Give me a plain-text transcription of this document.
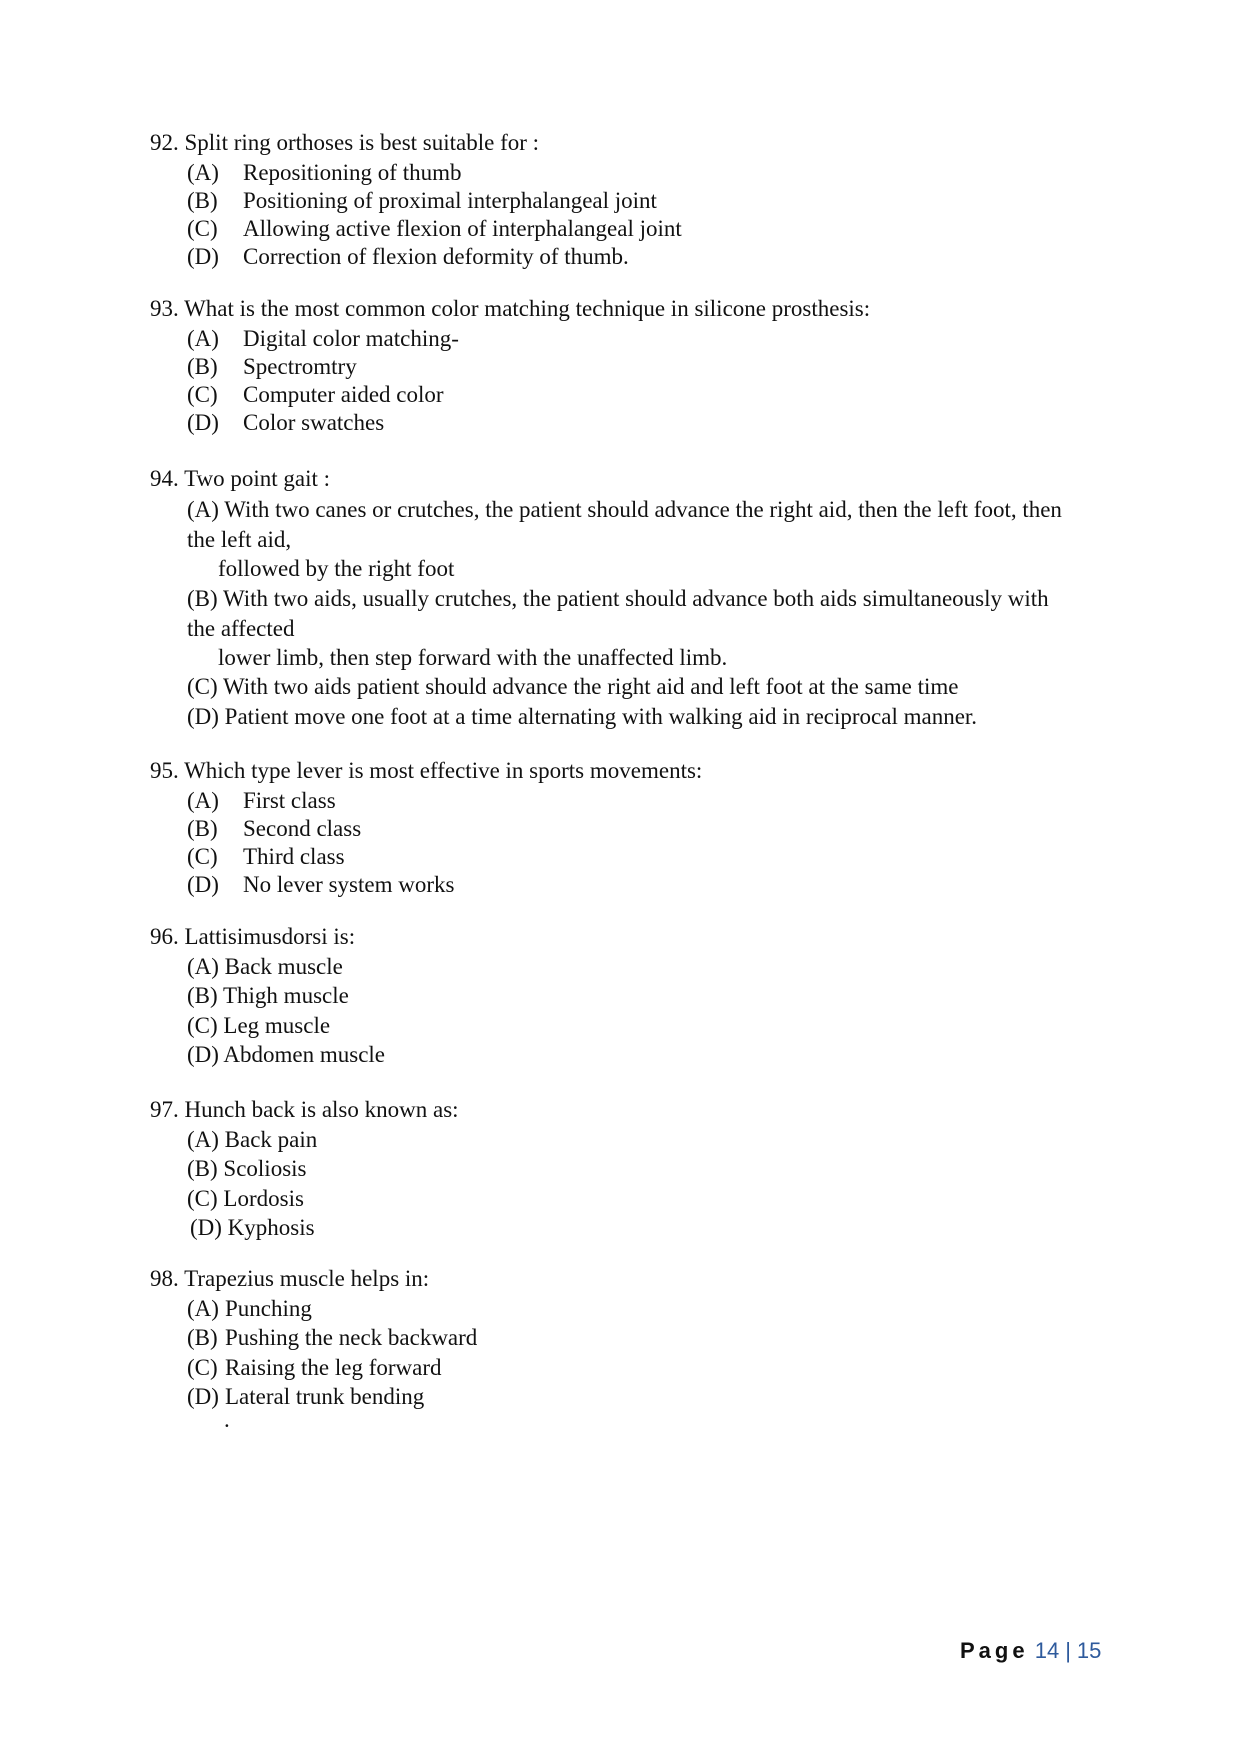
92. Split ring orthoses is best suitable for :
(A) Repositioning of thumb
(B) Positioning of proximal interphalangeal joint
(C) Allowing active flexion of interphalangeal joint
(D) Correction of flexion deformity of thumb.
93. What is the most common color matching technique in silicone prosthesis:
(A) Digital color matching-
(B) Spectromtry
(C) Computer aided color
(D) Color swatches
94. Two point gait :
(A) With two canes or crutches, the patient should advance the right aid, then the left foot, then
the left aid,
followed by the right foot
(B) With two aids, usually crutches, the patient should advance both aids simultaneously with
the affected
lower limb, then step forward with the unaffected limb.
(C) With two aids patient should advance the right aid and left foot at the same time
(D) Patient move one foot at a time alternating with walking aid in reciprocal manner.
95. Which type lever is most effective in sports movements:
(A) First class
(B) Second class
(C) Third class
(D) No lever system works
96. Lattisimusdorsi is:
(A) Back muscle
(B) Thigh muscle
(C) Leg muscle
(D) Abdomen muscle
97. Hunch back is also known as:
(A) Back pain
(B) Scoliosis
(C) Lordosis
(D) Kyphosis
98. Trapezius muscle helps in:
(A) Punching
(B) Pushing the neck backward
(C) Raising the leg forward
(D) Lateral trunk bending
.
Page 14 | 15
